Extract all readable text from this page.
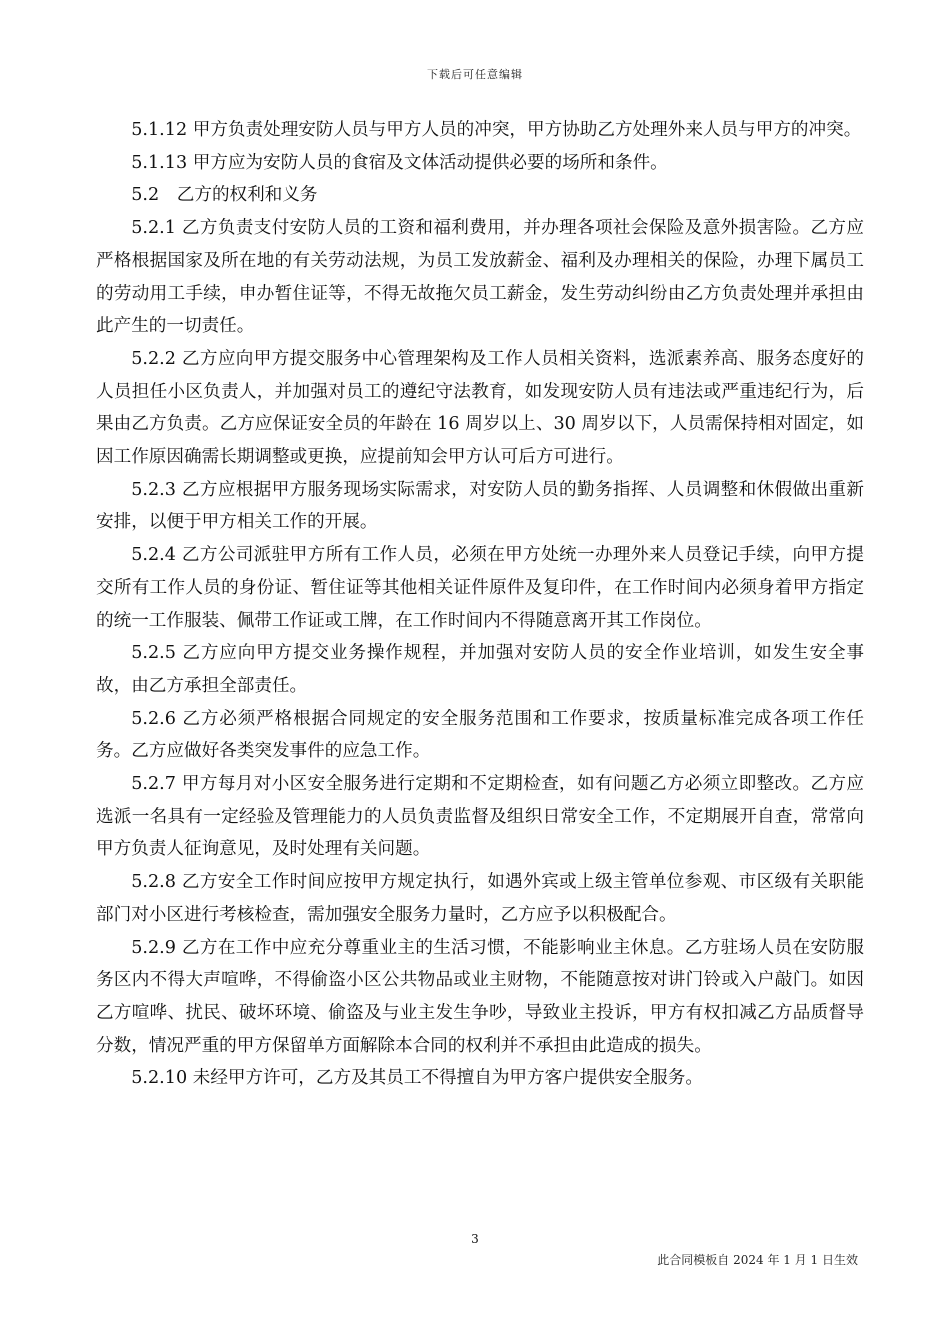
下载后可任意编辑

5.1.12 甲方负责处理安防人员与甲方人员的冲突，甲方协助乙方处理外来人员与甲方的冲突。

5.1.13 甲方应为安防人员的食宿及文体活动提供必要的场所和条件。

5.2　乙方的权利和义务

5.2.1 乙方负责支付安防人员的工资和福利费用，并办理各项社会保险及意外损害险。乙方应严格根据国家及所在地的有关劳动法规，为员工发放薪金、福利及办理相关的保险，办理下属员工的劳动用工手续，申办暂住证等，不得无故拖欠员工薪金，发生劳动纠纷由乙方负责处理并承担由此产生的一切责任。

5.2.2 乙方应向甲方提交服务中心管理架构及工作人员相关资料，选派素养高、服务态度好的人员担任小区负责人，并加强对员工的遵纪守法教育，如发现安防人员有违法或严重违纪行为，后果由乙方负责。乙方应保证安全员的年龄在 16 周岁以上、30 周岁以下，人员需保持相对固定，如因工作原因确需长期调整或更换，应提前知会甲方认可后方可进行。

5.2.3 乙方应根据甲方服务现场实际需求，对安防人员的勤务指挥、人员调整和休假做出重新安排，以便于甲方相关工作的开展。

5.2.4 乙方公司派驻甲方所有工作人员，必须在甲方处统一办理外来人员登记手续，向甲方提交所有工作人员的身份证、暂住证等其他相关证件原件及复印件，在工作时间内必须身着甲方指定的统一工作服装、佩带工作证或工牌，在工作时间内不得随意离开其工作岗位。

5.2.5 乙方应向甲方提交业务操作规程，并加强对安防人员的安全作业培训，如发生安全事故，由乙方承担全部责任。

5.2.6 乙方必须严格根据合同规定的安全服务范围和工作要求，按质量标准完成各项工作任务。乙方应做好各类突发事件的应急工作。

5.2.7 甲方每月对小区安全服务进行定期和不定期检查，如有问题乙方必须立即整改。乙方应选派一名具有一定经验及管理能力的人员负责监督及组织日常安全工作，不定期展开自查，常常向甲方负责人征询意见，及时处理有关问题。

5.2.8 乙方安全工作时间应按甲方规定执行，如遇外宾或上级主管单位参观、市区级有关职能部门对小区进行考核检查，需加强安全服务力量时，乙方应予以积极配合。

5.2.9 乙方在工作中应充分尊重业主的生活习惯，不能影响业主休息。乙方驻场人员在安防服务区内不得大声喧哗，不得偷盗小区公共物品或业主财物，不能随意按对讲门铃或入户敲门。如因乙方喧哗、扰民、破坏环境、偷盗及与业主发生争吵，导致业主投诉，甲方有权扣减乙方品质督导分数，情况严重的甲方保留单方面解除本合同的权利并不承担由此造成的损失。

5.2.10 未经甲方许可，乙方及其员工不得擅自为甲方客户提供安全服务。

3
此合同模板自 2024 年 1 月 1 日生效
